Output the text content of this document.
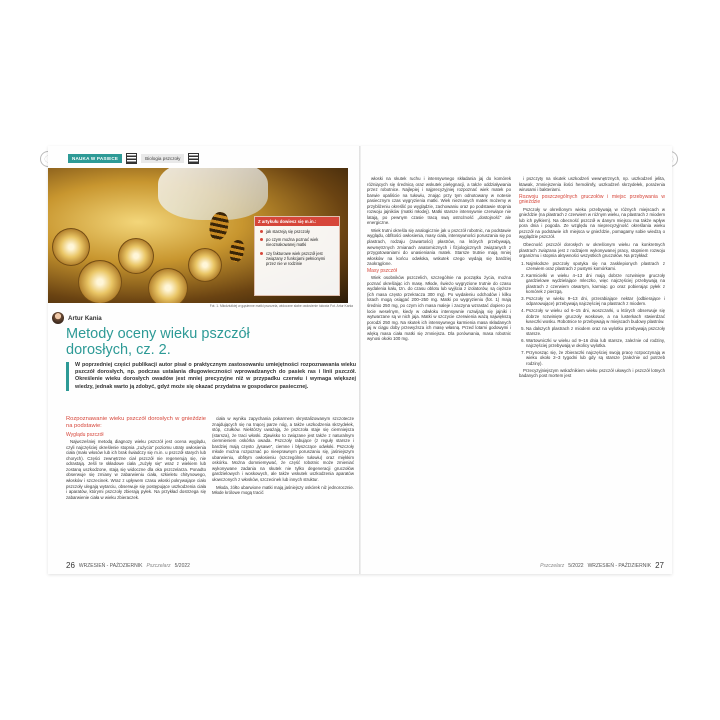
NAUKA W PASIECE	Biologia pszczoły
Z artykułu dowiesz się m.in.:
jak starzeją się pszczoły
po czym można poznać wiek nieoznakowanej matki
czy fakturowe wiek pszczół jest związany z funkcjami pełnionymi przez nie w rodzinie
Fot. 1. Młodziutkiej w gąsienne matki pszczela, widoczne słabe owłosienie tułowia Fot. Artur Kania
Artur Kania
Metody oceny wieku pszczół dorosłych, cz. 2.

W poprzedniej części publikacji autor pisał o praktycznym zastosowaniu umiejętności rozpoznawania wieku pszczół dorosłych, np. podczas ustalania długowieczności wprowadzanych do pasiek ras i linii pszczół. Określenie wieku dorosłych owadów jest mniej precyzyjne niż w przypadku czerwiu i wymaga większej wiedzy, jednak warto ją zdobyć, gdyż może się okazać przydatna w gospodarce pasiecznej.

Rozpoznawanie wieku pszczół dorosłych w gnieździe na podstawie:
Wyglądu pszczół

Najwcześniej metodą diagnozy wieku pszczół jest ocena wyglądu, czyli najczęściej określenie stopnia „zużycia” poziomu utraty owłosienia ciała (mało włosów lub ich brak świadczy się m.in. u pszczół starych lub chorych). Części zewnętrzne ciał pszczół nie regenerują się, nie odrastają. Jeśli te składowe ciała „zużyły się” wraz z wiekiem lub zostaną uszkodzone, stają się widoczne dla oka pszczelarza. Ponadto obserwuje się zmiany w zabarwieniu ciała, szkieletu chitynowego, włosków i szczecinek. Wraz z upływem czasu włoski pokrywające ciało pszczoły ulegają wytarciu, obserwuje się postępujące uszkodzenia ciała i aparatów, którymi pszczoły zbierają pyłek. Na przykład dostrzega się zabarwienie ciała w wieku zbieraczek.

ciała w wyniku zapychania pokarmem skrystalizowanym szczotecze znajdujących się na tnącej parze nóg, a także uszkodzenia skrzydełek, stóp, czułków. Niektórzy uważają, że pszczoła staje się ciemniejsza (starsza), że traci włoski. Zjawisko to związane jest także z naturalnym ciemnieniem oskórka owada. Pszczoły rabujące (z reguły starsze i bardziej mają często „łysawe”, ciemne i błyszczące odwłoki. Pszczoły młode można rozpoznać po nieeprawnym poruszaniu się, jaśniejszym ubarwieniu, obfitym owłosieniu (szczególnie tułowiu) oraz miękkim oskórku. Można domniemywać, że część robotnic może zmieniać wykonywane zadania na skutek nie tylko degeneracji gruczołów gardzielowych i woskowych, ale także wskutek uszkodzenia aparatów ułowczonych z włosków, szczecinek lub innych struktur.

Młoda, żółto ubarwione matki mają jaśniejszy oskórek niż jednorocznie. Młode królowe mogą tracić

26 WRZESIEŃ - PAŹDZIERNIK Pszczelarz 5/2022

włoski na skutek ruchu i intensywnego składania jaj do komórek różniących się średnicą oraz wskutek pielęgnacji, a także oddziaływania przez robotnice. Najlepiej i najprecyzyjniej rozpoznać wiek matek po barwie opaliście na tułowiu, znając przy tym odnotowany w notesie pasiecznym czas wygryzienia matki. Wiek nieznanych matek możemy w przybliżeniu określić po wyglądzie, zachowaniu oraz po podstawie stopnia rozwoju jajników (matki młodej). Matki starsze intensywnie czerwiące nie latają, po pewnym czasie tracą swą ostrożność „dostojność” ale energiczne.

Wiek trutni określa się analogicznie jak u pszczół robotnic, na podstawie wyglądu, obfitości owłosienia, masy ciała, intensywności poruszania się po plastrach, rodzaju (zawartości) płastrów, na których przebywają, wewnętrznych zmianach anatomicznych i fizjologicznych związanych z przygotowaniami do unasieniania matek. Starsze trutnie mają mniej włosków na końcu odwłoka, wskutek czego wydają się bardziej zaokrąglone.

Masy pszczół

Wiek osobników pszczelich, szczególnie na początku życia, można poznać określając ich masę. Młode, świeżo wygryzione trutnie do czasu wydalenia kału, tzn. do czasu oblotu lub wyjścia z izolatorów, są cięższe (ich masa często przekracza 300 mg). Po wydaleniu odchodów i kilku lotach mogą osiągać 200–250 mg. Matki po wygryzieniu (fot. 1) mają średnio 250 mg, po czym ich masa maleje i zaczyna wzrastać dopiero po locie weselnym, kiedy w odwłoku intensywnie rozwijają się jajniki i wytwarzane są w nich jaja. Matki w szczycie czerwienia ważą największą porodzi 250 mg. Na skutek ich intensywnego karmienia masa składanych jaj w ciągu doby przewyższa ich masę własną. Przed lotami godowymi i wlęką masa ciała matki się zmniejsza. Dla porównania, masa robotnic wynosi około 100 mg.

i pszczyty na skutek uszkodzeń wewnętrznych, np. uszkodzeń jelita, ktawak, zmniejszenia ilości hemolimfy, uszkodzeń skrzydełek, porażenia wirusami i bakteriami.

Rozwoju poszczególnych gruczołów i miejsc przebywania w gnieździe

Pszczoły w określonym wieku przebywają w różnych miejscach w gnieździe (na plastrach z czerwiem w różnym wieku, na plastrach z miodem lub ich pyłkiem). Na obecność pszczół w danym miejscu ma także wpływ pora dnia i pogoda. Ze względu na nieprecyzyjność określania wieku pszczół na podstawie ich miejsca w gnieździe, pomagamy sobie wiedzą o wyglądzie pszczół.

Obecność pszczół dorosłych w określonym wieku na konkretnych plastrach związana jest z rodzajem wykonywanej pracy, stopniem rozwoju organizmu i stopnia aktywności wszystkich gruczołów. Na przykład:

1. Najmłodsze pszczoły spotyka się na zasklepionych plastrach z czerwiem oraz plastrach z pustymi komórkami.
2. Karmicielki w wieku 4–13 dni mają dobrze rozwinięte gruczoły gardzielowe wydzielające mleczko, więc najczęściej przebywają na plastrach z czerwiem otwartym, karmiąc go oraz pobierając pyłek z komórek z pierzgą.
3. Pszczoły w wieku 9–13 dni, przerabiające nektar (odbierające i odparowujące) przebywają najczęściej na plastrach z miodem.
4. Pszczoły w wieku od 6–15 dni, woszczarki, u których obserwuje się dobrze rozwinięte gruczoły woskowe, a na lusterkach stwierdzać łuseczki wosku. Robotnice te przebywają w miejscach budowy plastrów.
5. Na dalszych plastrach z miodem oraz na wylotku przebywają pszczoły starsze.
6. Wartowniczki w wieku od 9–16 dnia lub starsze, zależnie od rodziny, najczęściej przebywają w okolicy wylotka.
7. Przynosząc się, że zbieraczki najczęściej swoją pracę rozpoczynają w wieku około 2–3 tygodni lub gdy są starsze (zależnie od potrzeb rodziny).

Przecyzyjniejszym wskaźnikiem wieku pszczół ułowych i pszczół lotnych badanych post mortem jest

Pszczelarz 5/2022 WRZESIEŃ - PAŹDZIERNIK 27
